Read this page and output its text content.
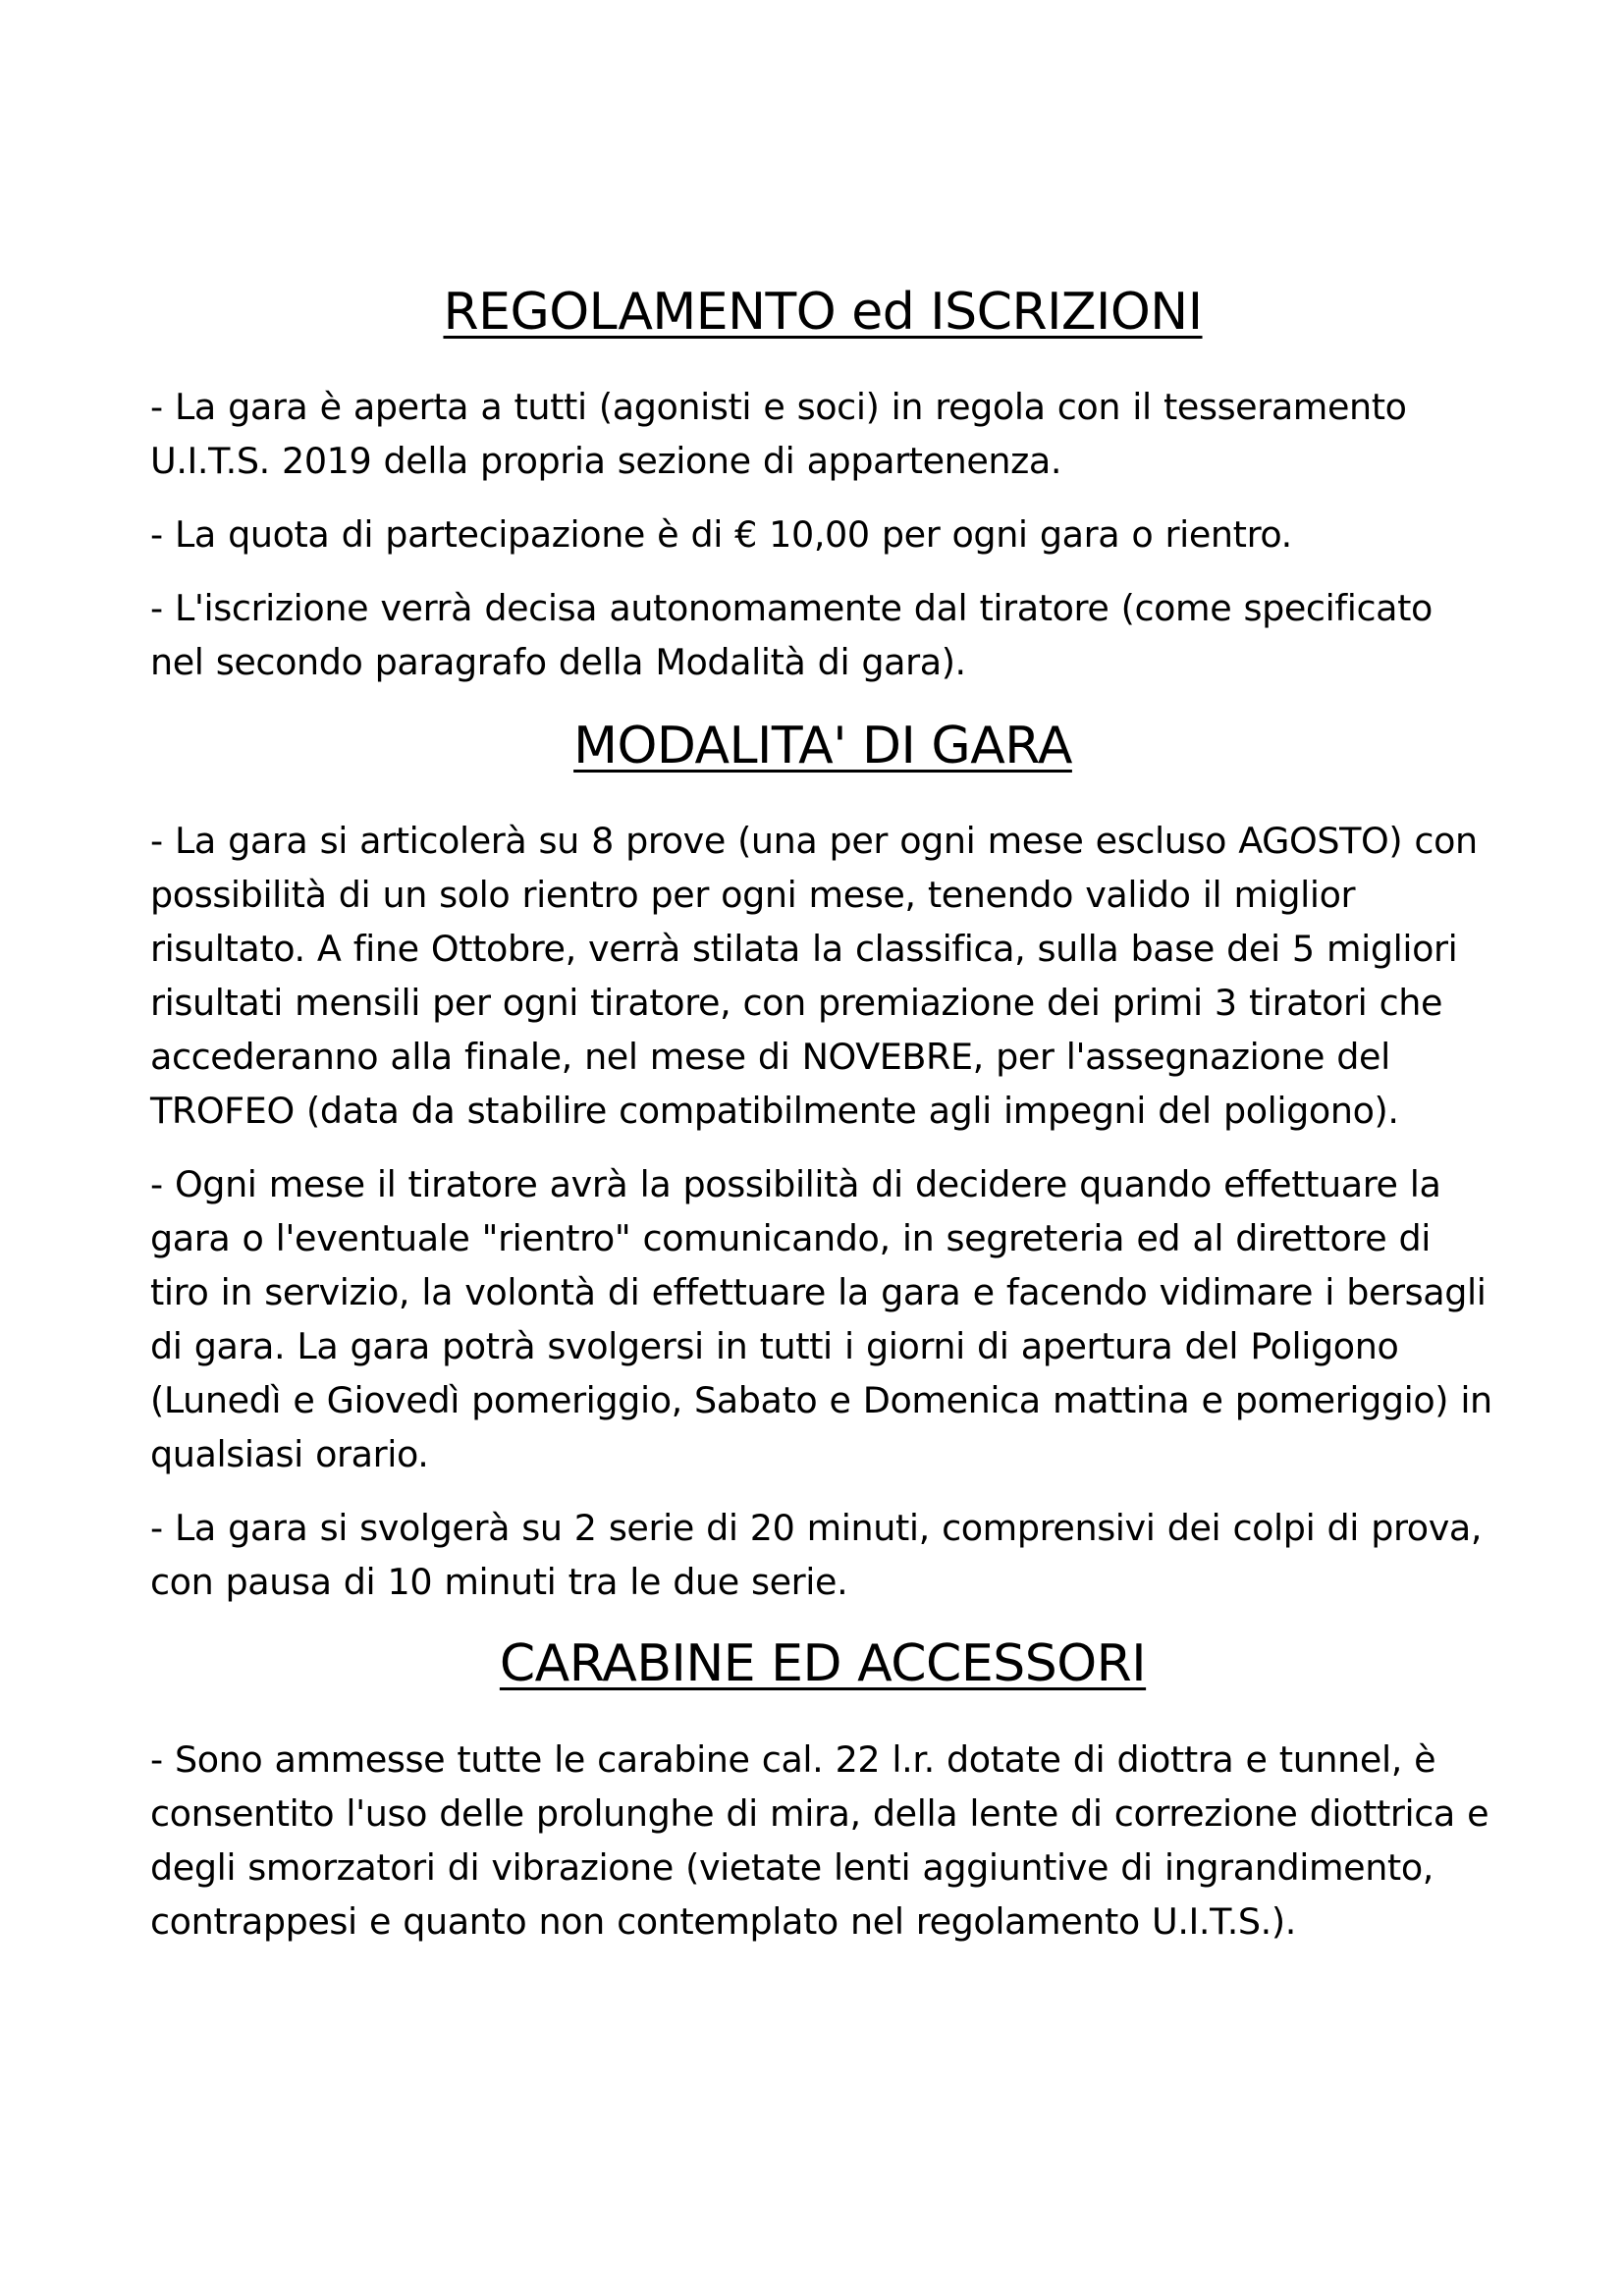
REGOLAMENTO ed ISCRIZIONI

- La gara è aperta a tutti (agonisti e soci) in regola con il tesseramento U.I.T.S. 2019 della propria sezione di appartenenza.

- La quota di partecipazione è di € 10,00 per ogni gara o rientro.

- L'iscrizione verrà decisa autonomamente dal tiratore (come specificato nel secondo paragrafo della Modalità di gara).

MODALITA' DI GARA

- La gara si articolerà su 8 prove (una per ogni mese escluso AGOSTO) con possibilità di un solo rientro per ogni mese, tenendo valido il miglior risultato. A fine Ottobre, verrà stilata la classifica, sulla base dei 5 migliori risultati mensili per ogni tiratore, con premiazione dei primi 3 tiratori che accederanno alla finale, nel mese di NOVEBRE, per l'assegnazione del TROFEO (data da stabilire compatibilmente agli impegni del poligono).

- Ogni mese il tiratore avrà la possibilità di decidere quando effettuare la gara o l'eventuale "rientro" comunicando, in segreteria ed al direttore di tiro in servizio, la volontà di effettuare la gara e facendo vidimare i bersagli di gara. La gara potrà svolgersi in tutti i giorni di apertura del Poligono (Lunedì e Giovedì pomeriggio, Sabato e Domenica mattina e pomeriggio) in qualsiasi orario.

- La gara si svolgerà su 2 serie di 20 minuti, comprensivi dei colpi di prova, con pausa di 10 minuti tra le due serie.

CARABINE ED ACCESSORI

- Sono ammesse tutte le carabine cal. 22 l.r. dotate di diottra e tunnel, è consentito l'uso delle prolunghe di mira, della lente di correzione diottrica e degli smorzatori di vibrazione (vietate lenti aggiuntive di ingrandimento, contrappesi e quanto non contemplato nel regolamento U.I.T.S.).
